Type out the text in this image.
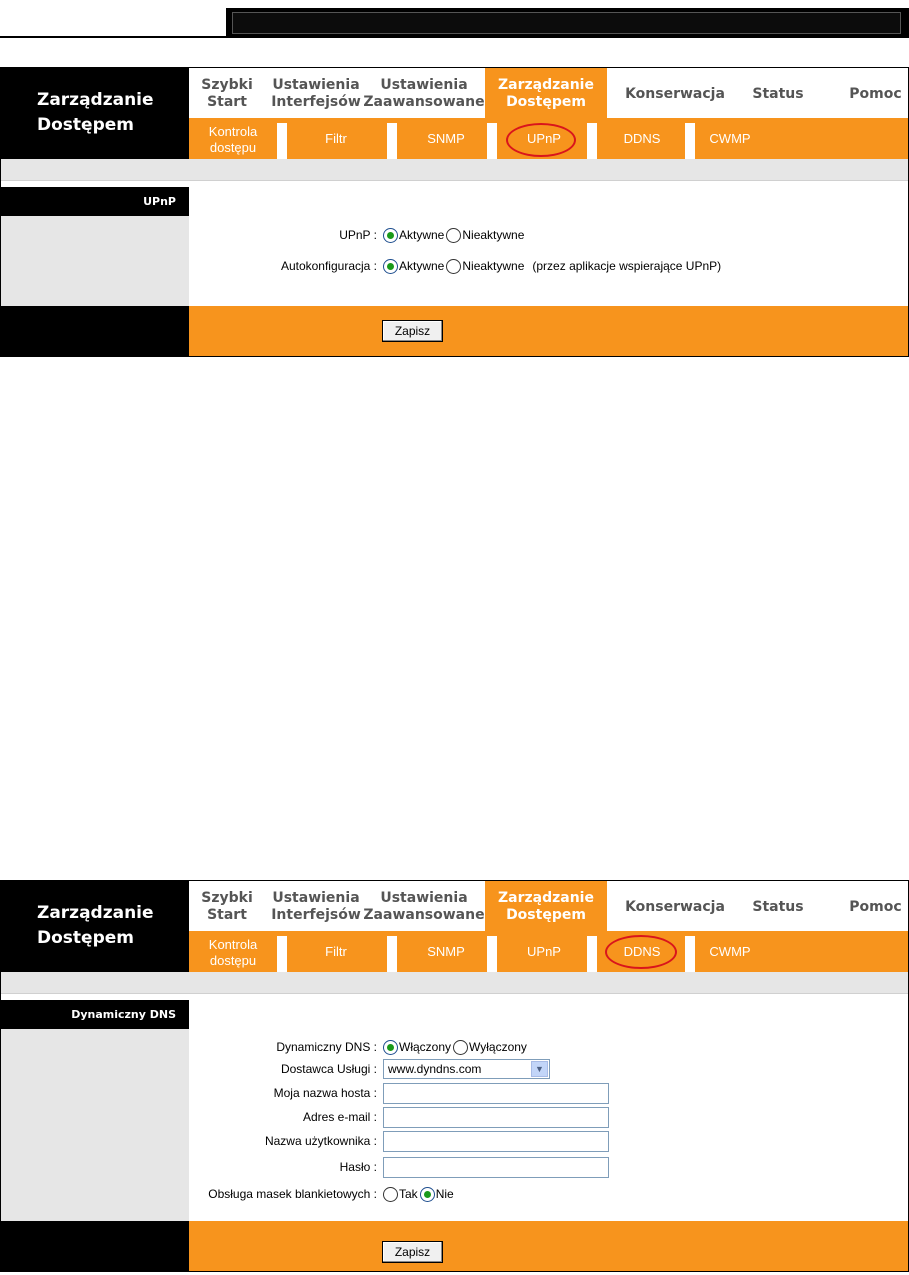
Zarządzanie
Dostępem
Szybki
Start
Ustawienia
Interfejsów
Ustawienia
Zaawansowane
Zarządzanie
Dostępem	Konserwacja	Status	Pomoc
Kontrola
dostępu
Filtr	SNMP	UPnP	DDNS	CWMP
UPnP
UPnP : Aktywne Nieaktywne
Autokonfiguracja : Aktywne Nieaktywne (przez aplikacje wspierające UPnP)
Zapisz
Zarządzanie
Dostępem
Szybki
Start
Ustawienia
Interfejsów
Ustawienia
Zaawansowane
Zarządzanie
Dostępem	Konserwacja	Status	Pomoc
Kontrola
dostępu
Filtr	SNMP	UPnP	DDNS	CWMP
Dynamiczny DNS
Dynamiczny DNS : Włączony Wyłączony
Dostawca Usługi : www.dyndns.com	▼
Moja nazwa hosta :
Adres e-mail :
Nazwa użytkownika :
Hasło :
Obsługa masek blankietowych : Tak Nie
Zapisz
